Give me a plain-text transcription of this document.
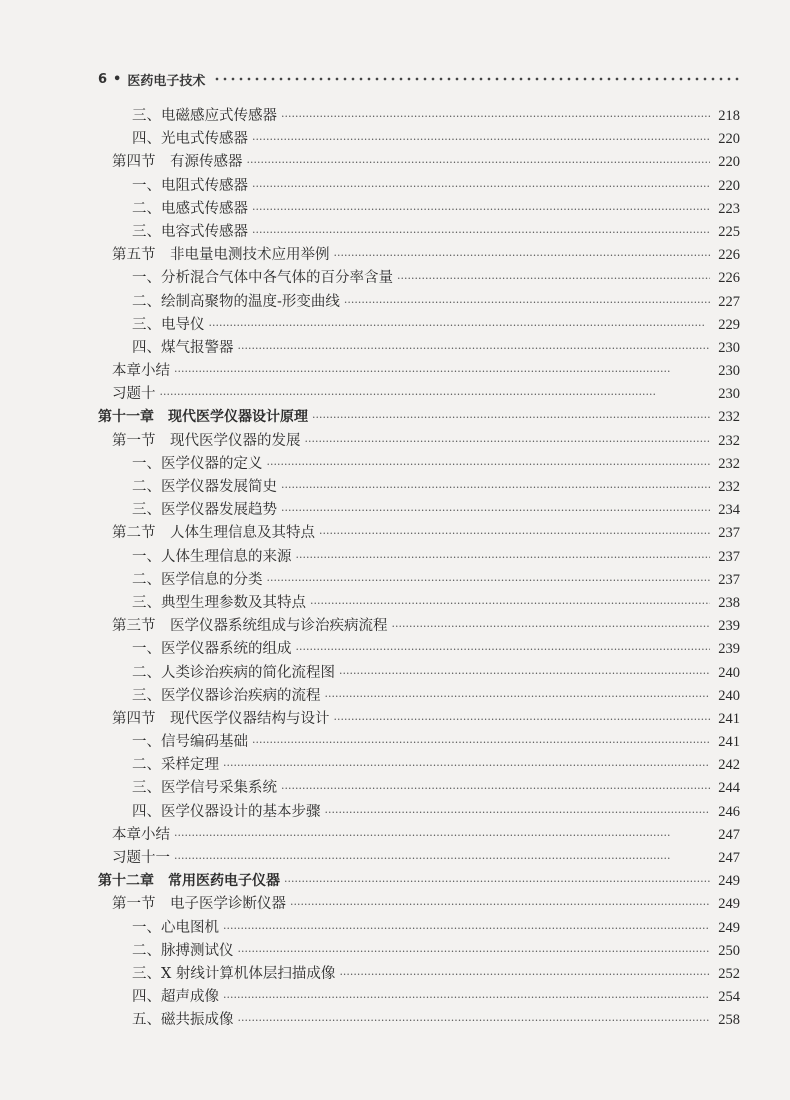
6 • 医药电子技术
三、电磁感应式传感器 ·····	218
四、光电式传感器 ·····	220
第四节　有源传感器 ·····	220
一、电阻式传感器 ·····	220
二、电感式传感器 ·····	223
三、电容式传感器 ·····	225
第五节　非电量电测技术应用举例 ·····	226
一、分析混合气体中各气体的百分率含量 ·····	226
二、绘制高聚物的温度-形变曲线 ·····	227
三、电导仪 ·····	229
四、煤气报警器 ·····	230
本章小结 ·····	230
习题十 ·····	230
第十一章　现代医学仪器设计原理 ·····	232
第一节　现代医学仪器的发展 ·····	232
一、医学仪器的定义 ·····	232
二、医学仪器发展简史 ·····	232
三、医学仪器发展趋势 ·····	234
第二节　人体生理信息及其特点 ·····	237
一、人体生理信息的来源 ·····	237
二、医学信息的分类 ·····	237
三、典型生理参数及其特点 ·····	238
第三节　医学仪器系统组成与诊治疾病流程 ·····	239
一、医学仪器系统的组成 ·····	239
二、人类诊治疾病的简化流程图 ·····	240
三、医学仪器诊治疾病的流程 ·····	240
第四节　现代医学仪器结构与设计 ·····	241
一、信号编码基础 ·····	241
二、采样定理 ·····	242
三、医学信号采集系统 ·····	244
四、医学仪器设计的基本步骤 ·····	246
本章小结 ·····	247
习题十一 ·····	247
第十二章　常用医药电子仪器 ·····	249
第一节　电子医学诊断仪器 ·····	249
一、心电图机 ·····	249
二、脉搏测试仪 ·····	250
三、X 射线计算机体层扫描成像 ·····	252
四、超声成像 ·····	254
五、磁共振成像 ·····	258
